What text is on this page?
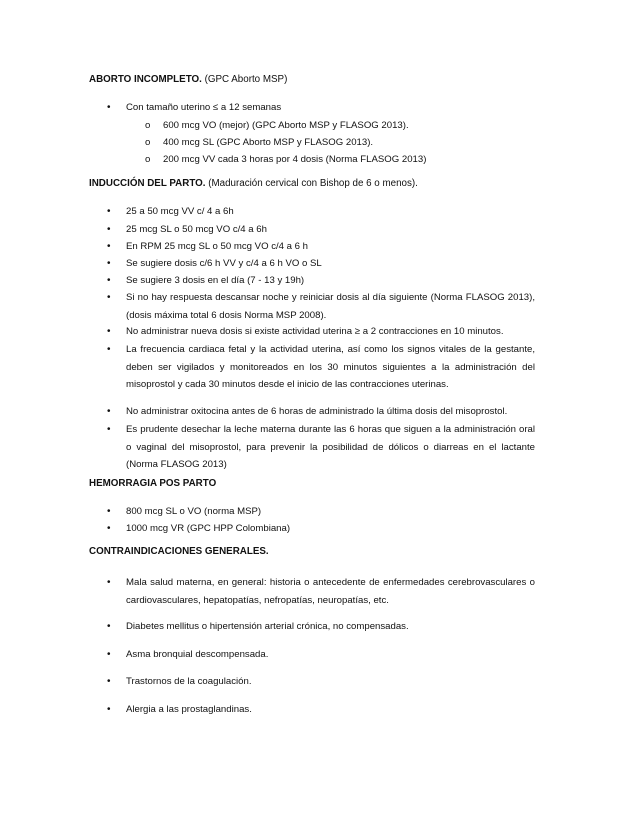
ABORTO INCOMPLETO. (GPC Aborto MSP)
•	Con tamaño uterino ≤ a 12 semanas
o 600 mcg VO (mejor) (GPC Aborto MSP y FLASOG 2013).
o 400 mcg SL (GPC Aborto MSP y FLASOG 2013).
o 200 mcg VV cada 3 horas por 4 dosis (Norma FLASOG 2013)
INDUCCIÓN DEL PARTO. (Maduración cervical con Bishop de 6 o menos).
•	25 a 50 mcg VV c/ 4 a 6h
•	25 mcg SL o 50 mcg VO c/4 a 6h
•	En RPM 25 mcg SL o 50 mcg VO c/4 a 6 h
•	Se sugiere dosis c/6 h VV y c/4 a 6 h VO o SL
•	Se sugiere 3 dosis en el día (7 - 13 y 19h)
•	Si no hay respuesta descansar noche y reiniciar dosis al día siguiente (Norma FLASOG 2013), (dosis máxima total 6 dosis Norma MSP 2008).
•	No administrar nueva dosis si existe actividad uterina ≥ a 2 contracciones en 10 minutos.
•	La frecuencia cardiaca fetal y la actividad uterina, así como los signos vitales de la gestante, deben ser vigilados y monitoreados en los 30 minutos siguientes a la administración del misoprostol y cada 30 minutos desde el inicio de las contracciones uterinas.
•	No administrar oxitocina antes de 6 horas de administrado la última dosis del misoprostol.
•	Es prudente desechar la leche materna durante las 6 horas que siguen a la administración oral o vaginal del misoprostol, para prevenir la posibilidad de dólicos o diarreas en el lactante (Norma FLASOG 2013)
HEMORRAGIA POS PARTO
•	800 mcg SL o VO (norma MSP)
•	1000 mcg VR (GPC HPP Colombiana)
CONTRAINDICACIONES GENERALES.
•	Mala salud materna, en general: historia o antecedente de enfermedades cerebrovasculares o cardiovasculares, hepatopatías, nefropatías, neuropatías, etc.
•	Diabetes mellitus o hipertensión arterial crónica, no compensadas.
•	Asma bronquial descompensada.
•	Trastornos de la coagulación.
•	Alergia a las prostaglandinas.
